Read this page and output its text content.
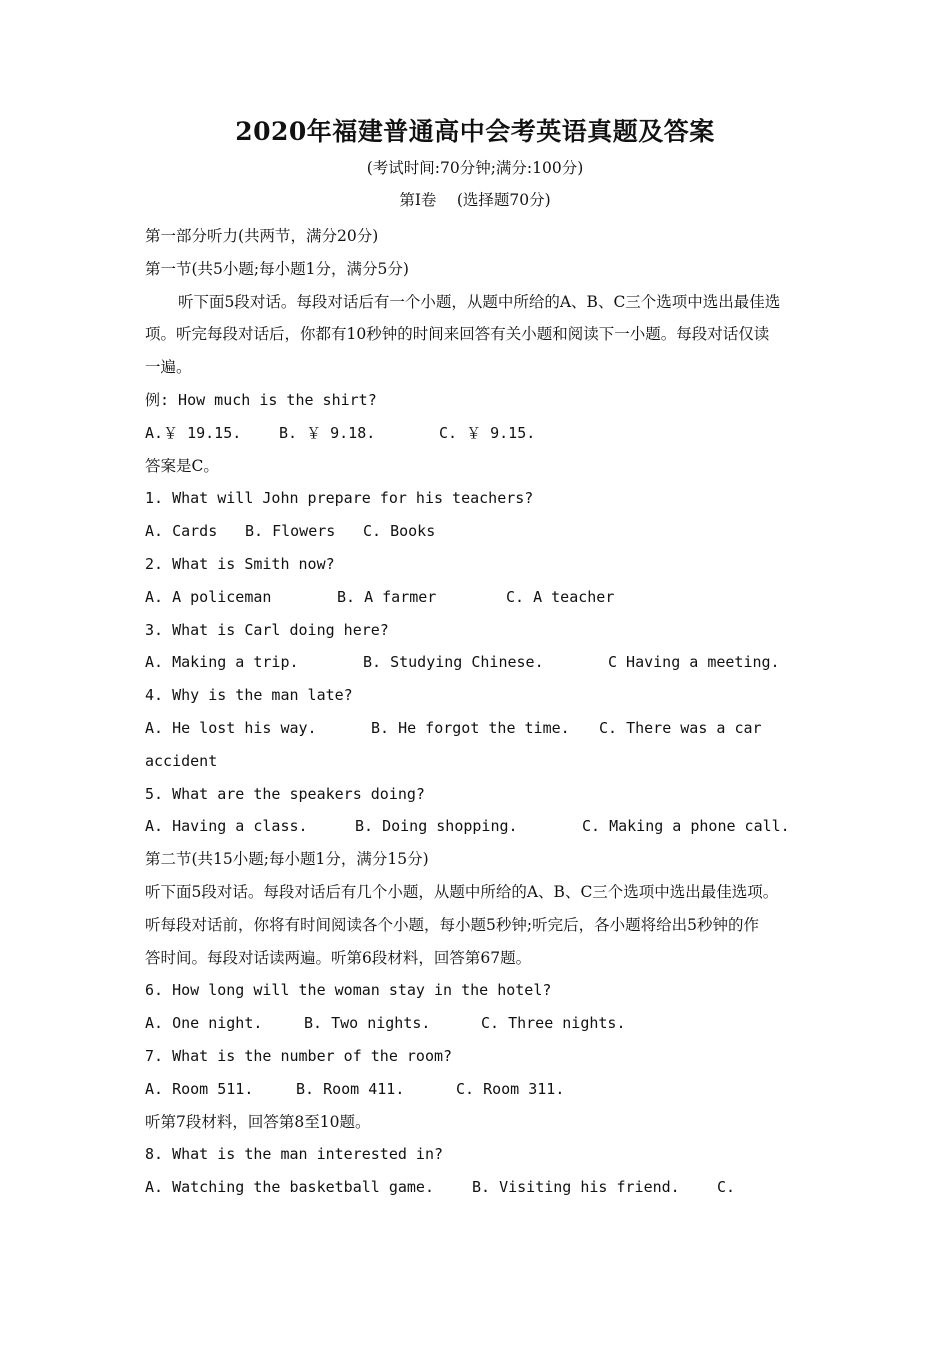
2020年福建普通高中会考英语真题及答案
(考试时间:70分钟;满分:100分)
第Ⅰ卷　 (选择题70分)
第一部分听力(共两节，满分20分)
第一节(共5小题;每小题1分，满分5分)
听下面5段对话。每段对话后有一个小题，从题中所给的A、B、C三个选项中选出最佳选
项。听完每段对话后，你都有10秒钟的时间来回答有关小题和阅读下一小题。每段对话仅读
一遍。
例: How much is the shirt?
A.￥ 19.15.	B. ￥ 9.18.	C. ￥ 9.15.
答案是C。
1. What will John prepare for his teachers?
A. Cards B. Flowers C. Books
2. What is Smith now?
A. A policeman	B. A farmer	C. A teacher
3. What is Carl doing here?
A. Making a trip.	B. Studying Chinese.	C Having a meeting.
4. Why is the man late?
A. He lost his way.	B. He forgot the time. C. There was a car
accident
5. What are the speakers doing?
A. Having a class.	B. Doing shopping.	C. Making a phone call.
第二节(共15小题;每小题1分，满分15分)
听下面5段对话。每段对话后有几个小题，从题中所给的A、B、C三个选项中选出最佳选项。
听每段对话前，你将有时间阅读各个小题，每小题5秒钟;听完后，各小题将给出5秒钟的作
答时间。每段对话读两遍。听第6段材料，回答第67题。
6. How long will the woman stay in the hotel?
A. One night.	B. Two nights.	C. Three nights.
7. What is the number of the room?
A. Room 511.	B. Room 411.	C. Room 311.
听第7段材料，回答第8至10题。
8. What is the man interested in?
A. Watching the basketball game.	B. Visiting his friend. C.
